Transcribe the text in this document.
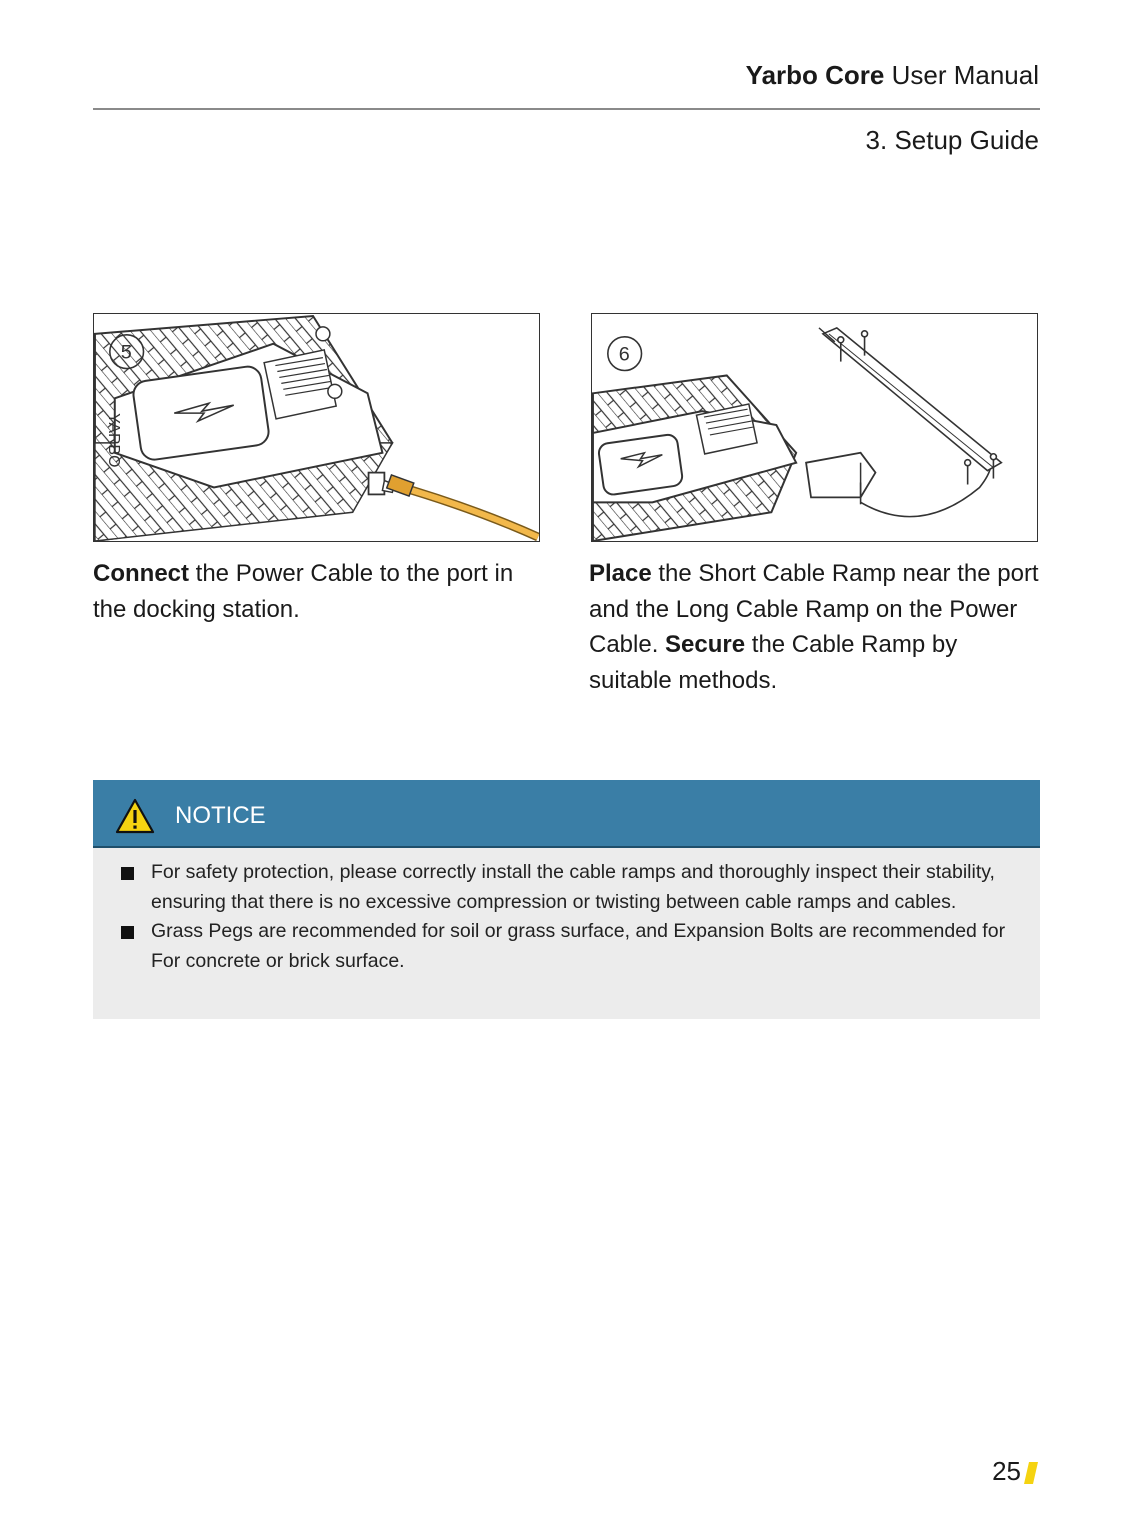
Yarbo Core User Manual
3. Setup Guide
YARBO
5	6
Connect the Power Cable to the port in the docking station.
Place the Short Cable Ramp near the port and the Long Cable Ramp on the Power Cable. Secure the Cable Ramp by suitable methods.
NOTICE
For safety protection, please correctly install the cable ramps and thoroughly inspect their stability, ensuring that there is no excessive compression or twisting between cable ramps and cables.
Grass Pegs are recommended for soil or grass surface, and Expansion Bolts are recommended for For concrete or brick surface.
25
